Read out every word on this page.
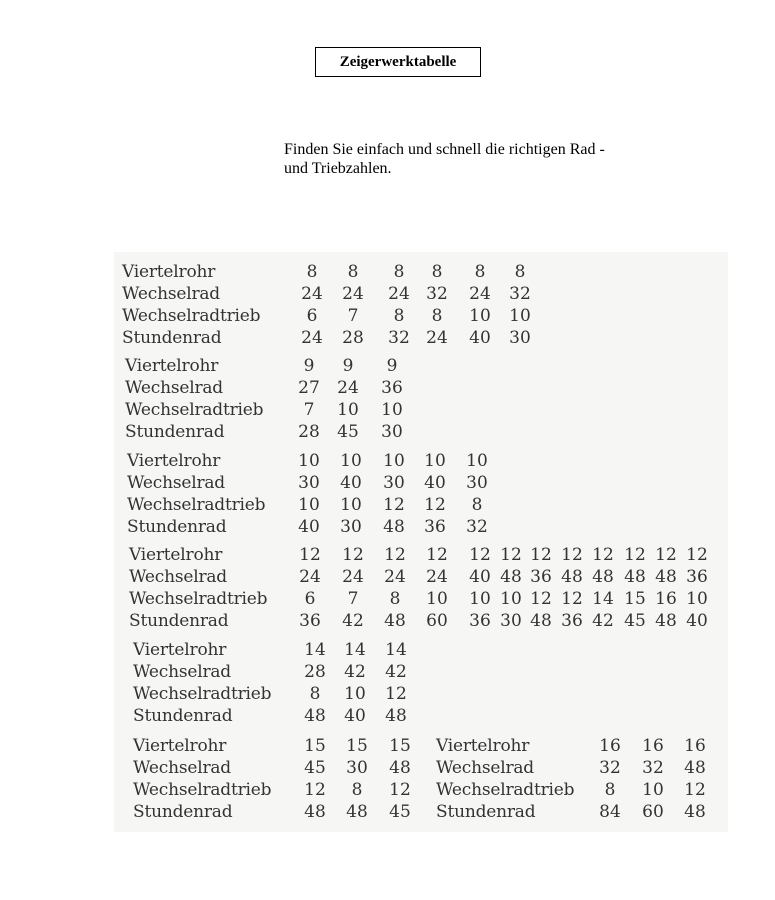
Zeigerwerktabelle
Finden Sie einfach und schnell die richtigen Rad -
und Triebzahlen.
Viertelrohr	8	8	8	8	8	8
Wechselrad	24 24 24 32 24 32
Wechselradtrieb	6	7	8	8	10 10
Stundenrad	24 28 32 24 40 30
Viertelrohr	9	9	9
Wechselrad	27 24 36
Wechselradtrieb	7	10 10
Stundenrad	28 45 30
Viertelrohr	10 10 10 10 10
Wechselrad	30 40 30 40 30
Wechselradtrieb 10 10 12 12	8
Stundenrad	40 30 48 36 32
Viertelrohr	12 12 12 12 12 12 12 12 12 12 12 12
Wechselrad	24 24 24 24 40 48 36 48 48 48 48 36
Wechselradtrieb	6	7	8	10 10 10 12 12 14 15 16 10
Stundenrad	36 42 48 60 36 30 48 36 42 45 48 40
Viertelrohr	14 14 14
Wechselrad	28 42 42
Wechselradtrieb	8	10 12
Stundenrad	48 40 48
Viertelrohr	15 15 15
Wechselrad	45 30 48
Wechselradtrieb 12	8	12
Stundenrad	48 48 45
Viertelrohr	16 16 16
Wechselrad	32 32 48
Wechselradtrieb	8	10 12
Stundenrad	84 60 48
